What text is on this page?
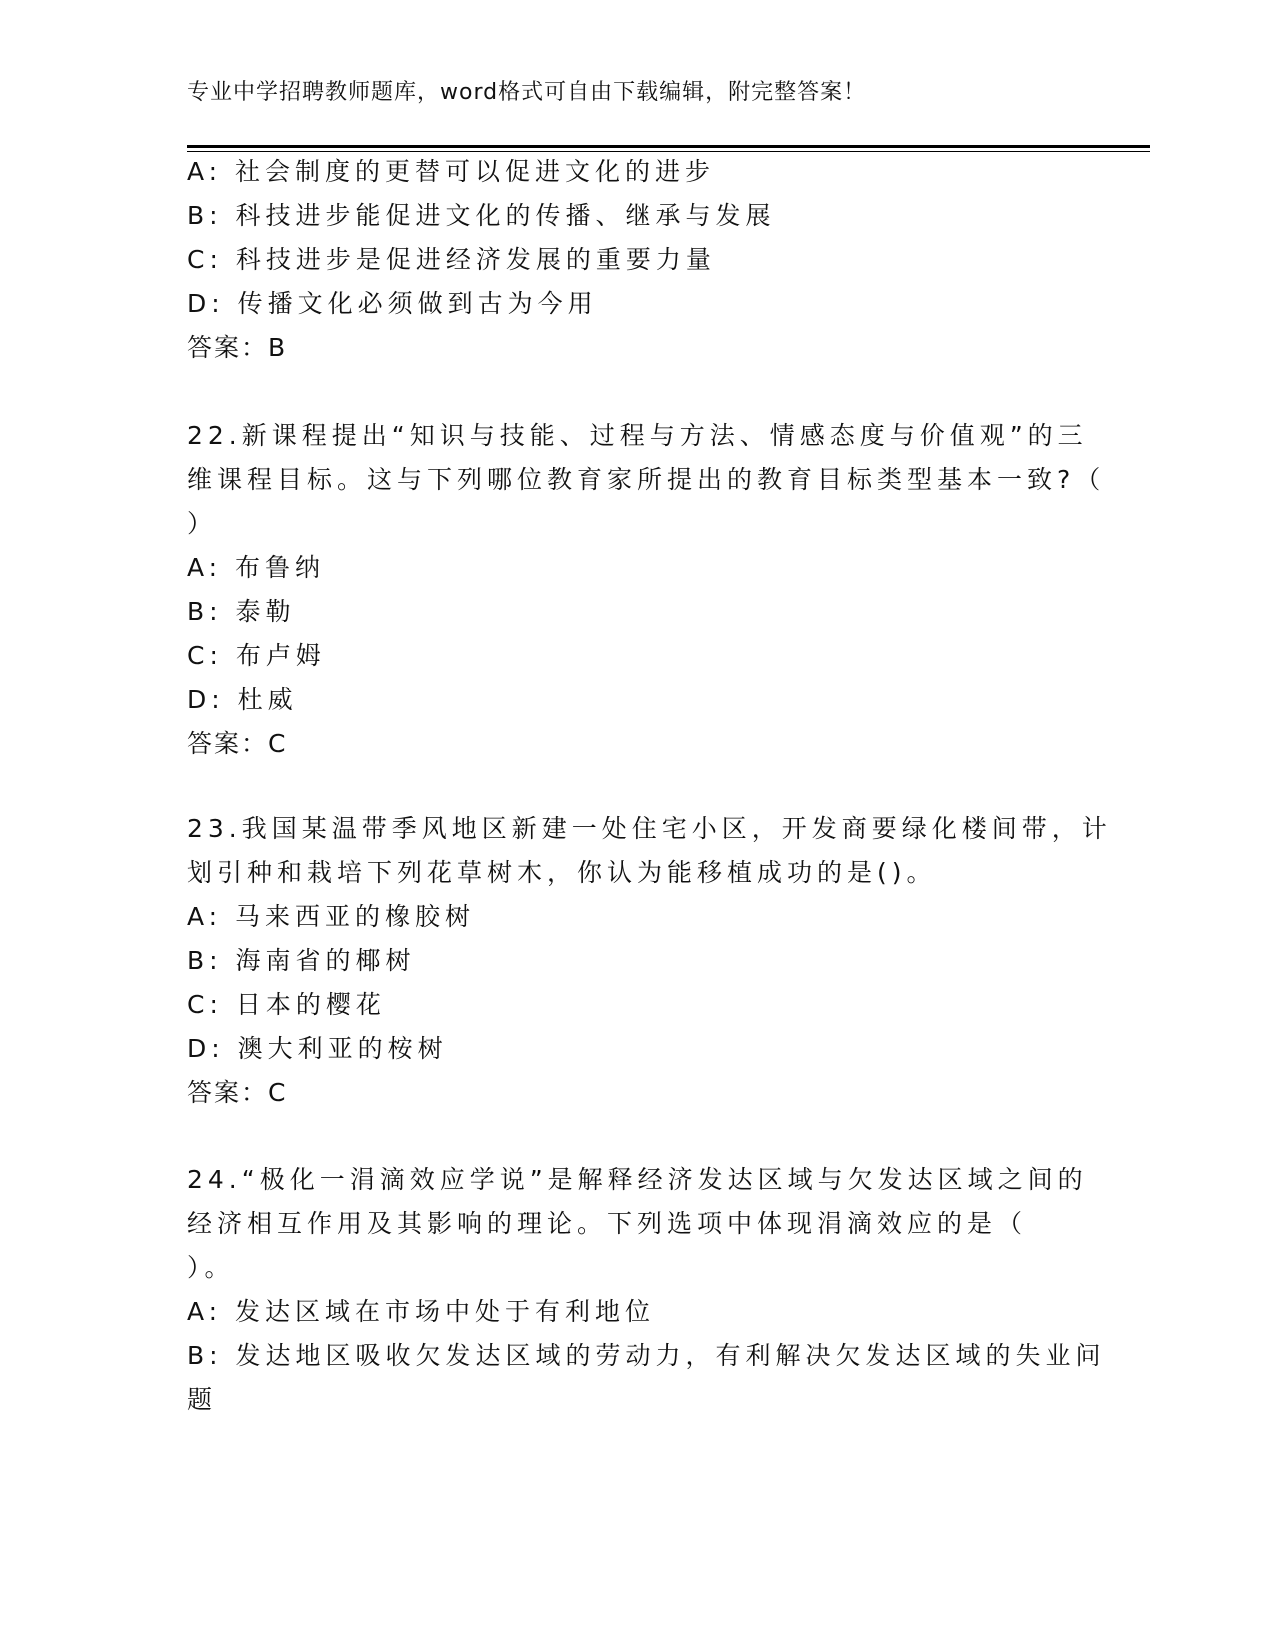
专业中学招聘教师题库，word格式可自由下载编辑，附完整答案！
A: 社会制度的更替可以促进文化的进步
B: 科技进步能促进文化的传播、继承与发展
C: 科技进步是促进经济发展的重要力量
D: 传播文化必须做到古为今用
答案：B
22.新课程提出“知识与技能、过程与方法、情感态度与价值观”的三
维课程目标。这与下列哪位教育家所提出的教育目标类型基本一致?（
）
A: 布鲁纳
B: 泰勒
C: 布卢姆
D: 杜威
答案：C
23.我国某温带季风地区新建一处住宅小区，开发商要绿化楼间带，计
划引种和栽培下列花草树木，你认为能移植成功的是()。
A: 马来西亚的橡胶树
B: 海南省的椰树
C: 日本的樱花
D: 澳大利亚的桉树
答案：C
24.“极化一涓滴效应学说”是解释经济发达区域与欠发达区域之间的
经济相互作用及其影响的理论。下列选项中体现涓滴效应的是（
）。
A: 发达区域在市场中处于有利地位
B: 发达地区吸收欠发达区域的劳动力，有利解决欠发达区域的失业问
题
